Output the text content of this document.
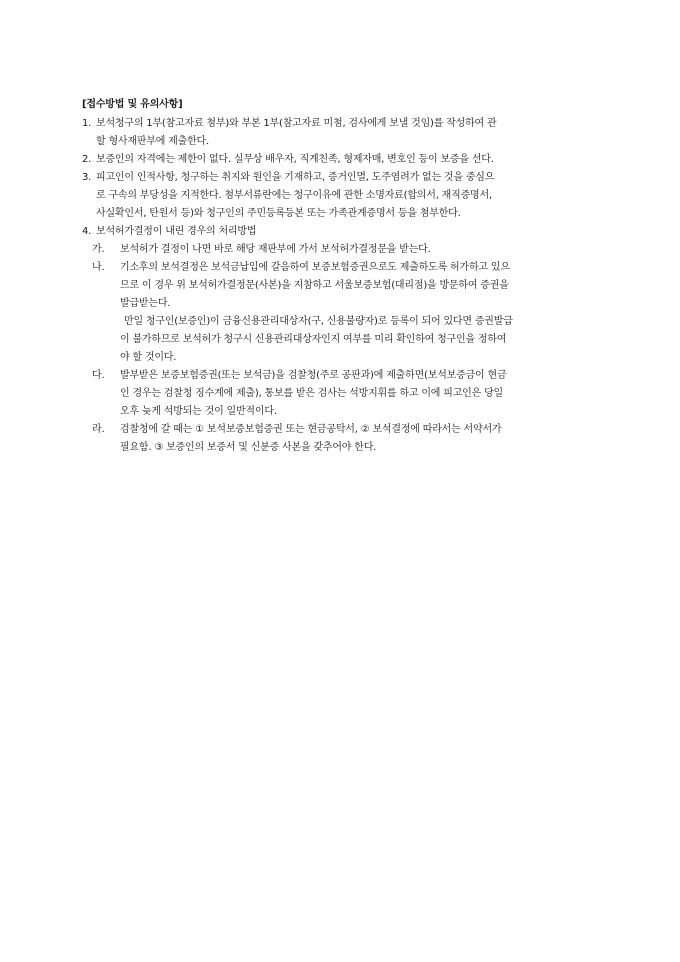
[접수방법 및 유의사항]
1. 보석청구의 1부(참고자료 첨부)와 부본 1부(참고자료 미첨, 검사에게 보낼 것임)를 작성하여 관
할 형사재판부에 제출한다.
2. 보증인의 자격에는 제한이 없다. 실무상 배우자, 직계친족, 형제자매, 변호인 등이 보증을 선다.
3. 피고인이 인적사항, 청구하는 취지와 원인을 기재하고, 증거인멸, 도주염려가 없는 것을 중심으
로 구속의 부당성을 지적한다. 첨부서류란에는 청구이유에 관한 소명자료(합의서, 재직증명서,
사실확인서, 탄원서 등)와 청구인의 주민등록등본 또는 가족관계증명서 등을 첨부한다.
4. 보석허가결정이 내린 경우의 처리방법
가. 보석허가 결정이 나면 바로 해당 재판부에 가서 보석허가결정문을 받는다.
나. 기소후의 보석결정은 보석금납입에 갈음하여 보증보험증권으로도 제출하도록 허가하고 있으
므로 이 경우 위 보석허가결정문(사본)을 지참하고 서울보증보험(대리점)을 방문하여 증권을
발급받는다.
만일 청구인(보증인)이 금융신용관리대상자(구, 신용불량자)로 등록이 되어 있다면 증권발급
이 불가하므로 보석허가 청구시 신용관리대상자인지 여부를 미리 확인하여 청구인을 정하여
야 할 것이다.
다. 발부받은 보증보험증권(또는 보석금)을 검찰청(주로 공판과)에 제출하면(보석보증금이 현금
인 경우는 검찰청 징수계에 제출), 통보를 받은 검사는 석방지휘를 하고 이에 피고인은 당일
오후 늦게 석방되는 것이 일반적이다.
라. 검찰청에 갈 때는 ① 보석보증보험증권 또는 현금공탁서, ② 보석결정에 따라서는 서약서가
필요함. ③ 보증인의 보증서 및 신분증 사본을 갖추어야 한다.
